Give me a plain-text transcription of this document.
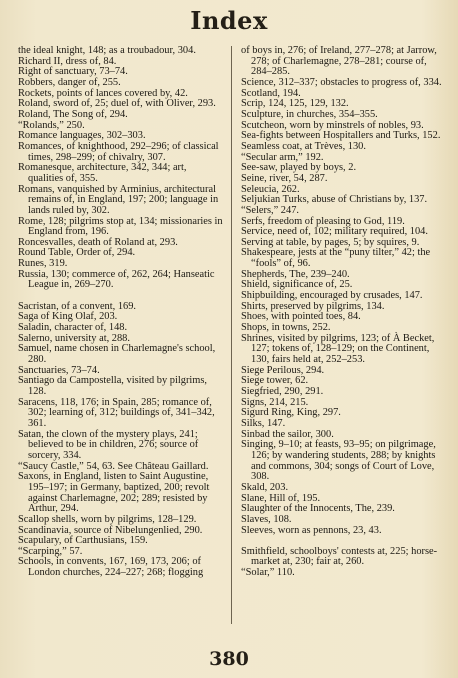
Index
the ideal knight, 148; as a troubadour, 304.
Richard II, dress of, 84.
Right of sanctuary, 73–74.
Robbers, danger of, 255.
Rockets, points of lances covered by, 42.
Roland, sword of, 25; duel of, with Oliver, 293.
Roland, The Song of, 294.
“Rolands,” 250.
Romance languages, 302–303.
Romances, of knighthood, 292–296; of classical times, 298–299; of chivalry, 307.
Romanesque, architecture, 342, 344; art, qualities of, 355.
Romans, vanquished by Arminius, architectural remains of, in England, 197; 200; language in lands ruled by, 302.
Rome, 128; pilgrims stop at, 134; missionaries in England from, 196.
Roncesvalles, death of Roland at, 293.
Round Table, Order of, 294.
Runes, 319.
Russia, 130; commerce of, 262, 264; Hanseatic League in, 269–270.
Sacristan, of a convent, 169.
Saga of King Olaf, 203.
Saladin, character of, 148.
Salerno, university at, 288.
Samuel, name chosen in Charlemagne's school, 280.
Sanctuaries, 73–74.
Santiago da Campostella, visited by pilgrims, 128.
Saracens, 118, 176; in Spain, 285; romance of, 302; learning of, 312; buildings of, 341–342, 361.
Satan, the clown of the mystery plays, 241; believed to be in children, 276; source of sorcery, 334.
“Saucy Castle,” 54, 63. See Château Gaillard.
Saxons, in England, listen to Saint Augustine, 195–197; in Germany, baptized, 200; revolt against Charlemagne, 202; 289; resisted by Arthur, 294.
Scallop shells, worn by pilgrims, 128–129.
Scandinavia, source of Nibelungenlied, 290.
Scapulary, of Carthusians, 159.
“Scarping,” 57.
Schools, in convents, 167, 169, 173, 206; of London churches, 224–227; 268; flogging
of boys in, 276; of Ireland, 277–278; at Jarrow, 278; of Charlemagne, 278–281; course of, 284–285.
Science, 312–337; obstacles to progress of, 334.
Scotland, 194.
Scrip, 124, 125, 129, 132.
Sculpture, in churches, 354–355.
Scutcheon, worn by minstrels of nobles, 93.
Sea-fights between Hospitallers and Turks, 152.
Seamless coat, at Trèves, 130.
“Secular arm,” 192.
See-saw, played by boys, 2.
Seine, river, 54, 287.
Seleucia, 262.
Seljukian Turks, abuse of Christians by, 137.
“Selers,” 247.
Serfs, freedom of pleasing to God, 119.
Service, need of, 102; military required, 104.
Serving at table, by pages, 5; by squires, 9.
Shakespeare, jests at the “puny tilter,” 42; the “fools” of, 96.
Shepherds, The, 239–240.
Shield, significance of, 25.
Shipbuilding, encouraged by crusades, 147.
Shirts, preserved by pilgrims, 134.
Shoes, with pointed toes, 84.
Shops, in towns, 252.
Shrines, visited by pilgrims, 123; of À Becket, 127; tokens of, 128–129; on the Continent, 130, fairs held at, 252–253.
Siege Perilous, 294.
Siege tower, 62.
Siegfried, 290, 291.
Signs, 214, 215.
Sigurd Ring, King, 297.
Silks, 147.
Sinbad the sailor, 300.
Singing, 9–10; at feasts, 93–95; on pilgrimage, 126; by wandering students, 288; by knights and commons, 304; songs of Court of Love, 308.
Skald, 203.
Slane, Hill of, 195.
Slaughter of the Innocents, The, 239.
Slaves, 108.
Sleeves, worn as pennons, 23, 43.
Smithfield, schoolboys' contests at, 225; horse-market at, 230; fair at, 260.
“Solar,” 110.
380
